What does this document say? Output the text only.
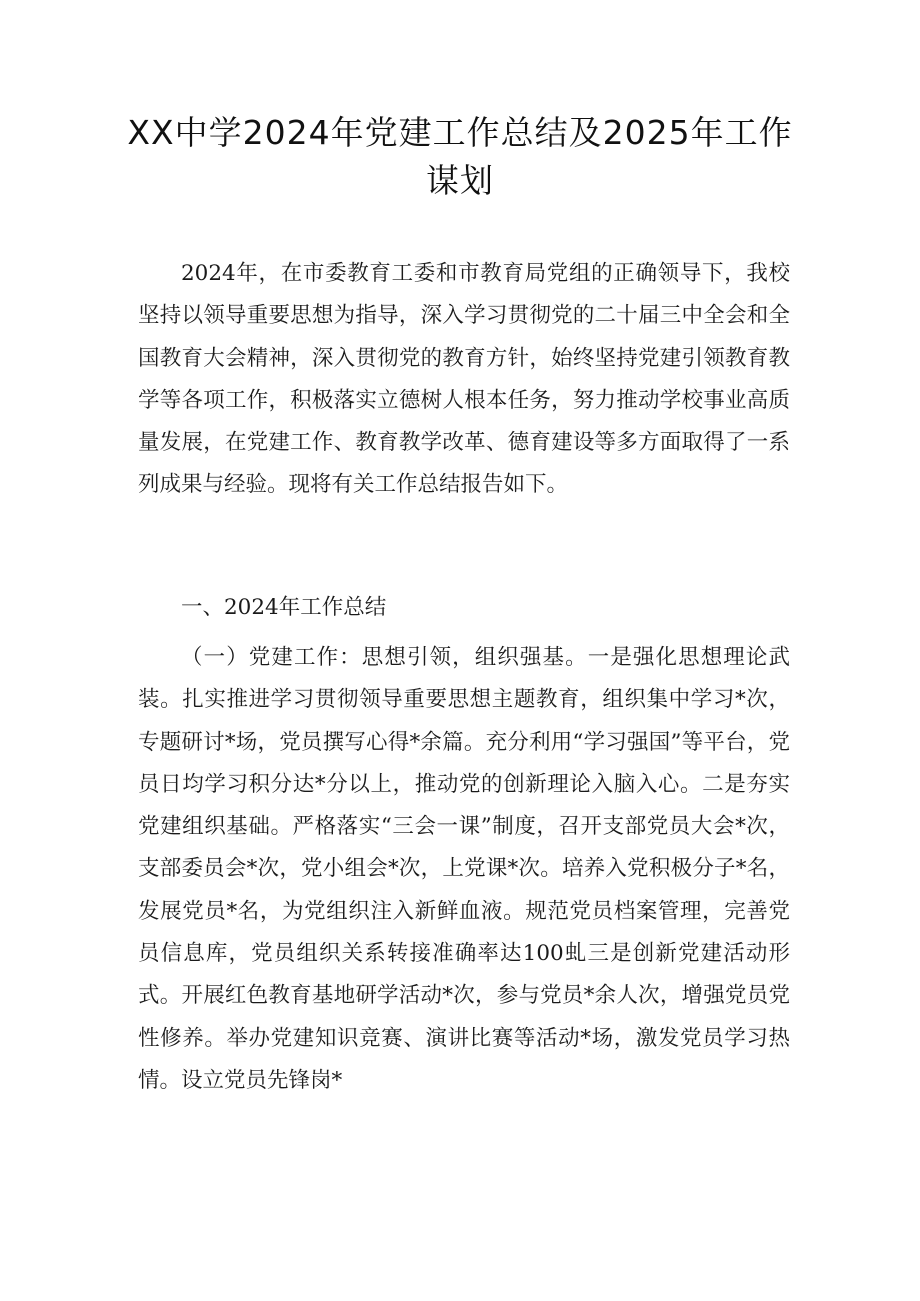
XX中学2024年党建工作总结及2025年工作
谋划

2024年，在市委教育工委和市教育局党组的正确领导下，我校坚持以领导重要思想为指导，深入学习贯彻党的二十届三中全会和全国教育大会精神，深入贯彻党的教育方针，始终坚持党建引领教育教学等各项工作，积极落实立德树人根本任务，努力推动学校事业高质量发展，在党建工作、教育教学改革、德育建设等多方面取得了一系列成果与经验。现将有关工作总结报告如下。

一、2024年工作总结

（一）党建工作：思想引领，组织强基。一是强化思想理论武装。扎实推进学习贯彻领导重要思想主题教育，组织集中学习*次，专题研讨*场，党员撰写心得*余篇。充分利用“学习强国”等平台，党员日均学习积分达*分以上，推动党的创新理论入脑入心。二是夯实党建组织基础。严格落实“三会一课”制度，召开支部党员大会*次，支部委员会*次，党小组会*次，上党课*次。培养入党积极分子*名，发展党员*名，为党组织注入新鲜血液。规范党员档案管理，完善党员信息库，党员组织关系转接准确率达100虬三是创新党建活动形式。开展红色教育基地研学活动*次，参与党员*余人次，增强党员党性修养。举办党建知识竞赛、演讲比赛等活动*场，激发党员学习热情。设立党员先锋岗*
